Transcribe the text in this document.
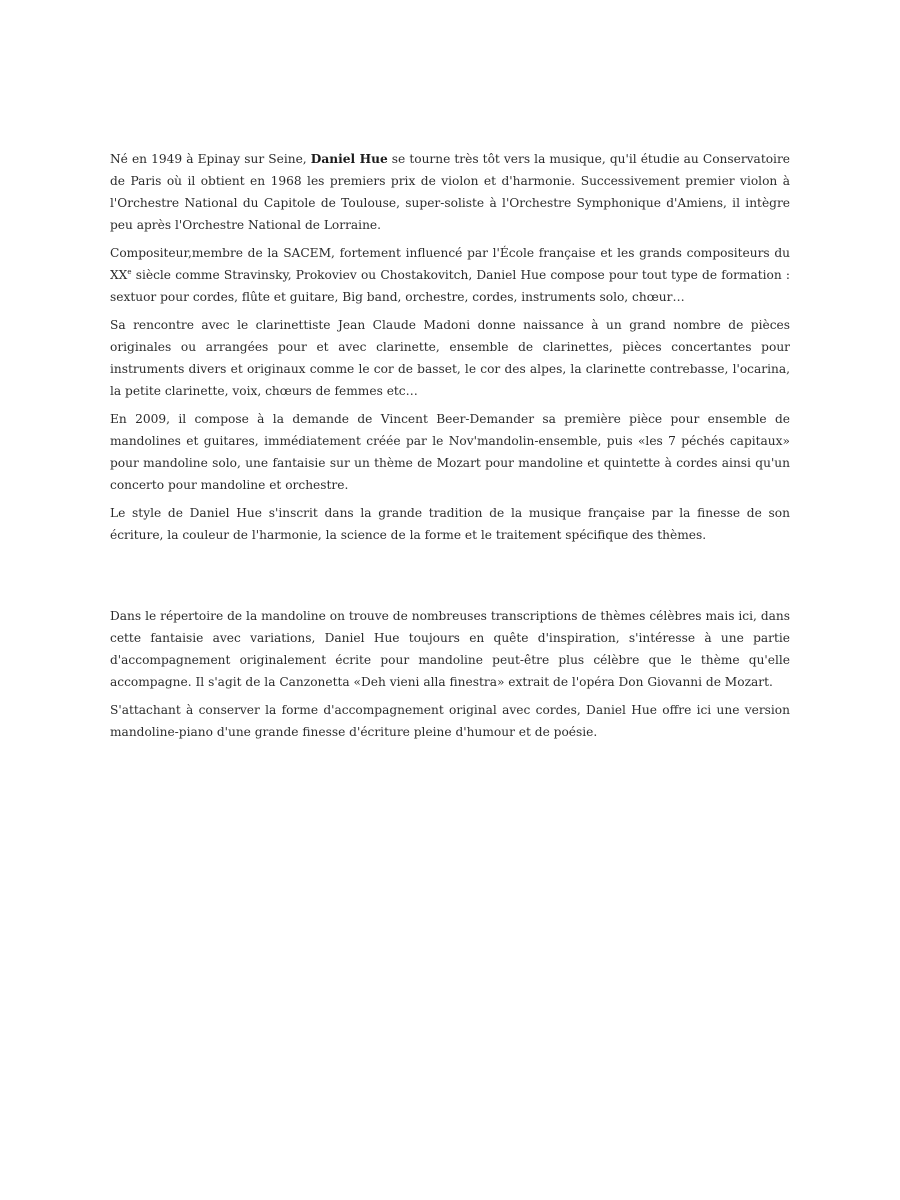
Né en 1949 à Epinay sur Seine, Daniel Hue se tourne très tôt vers la musique, qu'il étudie au Conservatoire de Paris où il obtient en 1968 les premiers prix de violon et d'harmonie. Successivement premier violon à l'Orchestre National du Capitole de Toulouse, super-soliste à l'Orchestre Symphonique d'Amiens, il intègre peu après l'Orchestre National de Lorraine.

Compositeur,membre de la SACEM, fortement influencé par l'École française et les grands compositeurs du XXe siècle comme Stravinsky, Prokoviev ou Chostakovitch, Daniel Hue compose pour tout type de formation : sextuor pour cordes, flûte et guitare, Big band, orchestre, cordes, instruments solo, chœur…

Sa rencontre avec le clarinettiste Jean Claude Madoni donne naissance à un grand nombre de pièces originales ou arrangées pour et avec clarinette, ensemble de clarinettes, pièces concertantes pour instruments divers et originaux comme le cor de basset, le cor des alpes, la clarinette contrebasse, l'ocarina, la petite clarinette, voix, chœurs de femmes etc…

En 2009, il compose à la demande de Vincent Beer-Demander sa première pièce pour ensemble de mandolines et guitares, immédiatement créée par le Nov'mandolin-ensemble, puis «les 7 péchés capitaux» pour mandoline solo, une fantaisie sur un thème de Mozart pour mandoline et quintette à cordes ainsi qu'un concerto pour mandoline et orchestre.

Le style de Daniel Hue s'inscrit dans la grande tradition de la musique française par la finesse de son écriture, la couleur de l'harmonie, la science de la forme et le traitement spécifique des thèmes.

Dans le répertoire de la mandoline on trouve de nombreuses transcriptions de thèmes célèbres mais ici, dans cette fantaisie avec variations, Daniel Hue toujours en quête d'inspiration, s'intéresse à une partie d'accompagnement originalement écrite pour mandoline peut-être plus célèbre que le thème qu'elle accompagne. Il s'agit de la Canzonetta «Deh vieni alla finestra» extrait de l'opéra Don Giovanni de Mozart.

S'attachant à conserver la forme d'accompagnement original avec cordes, Daniel Hue offre ici une version mandoline-piano d'une grande finesse d'écriture pleine d'humour et de poésie.
